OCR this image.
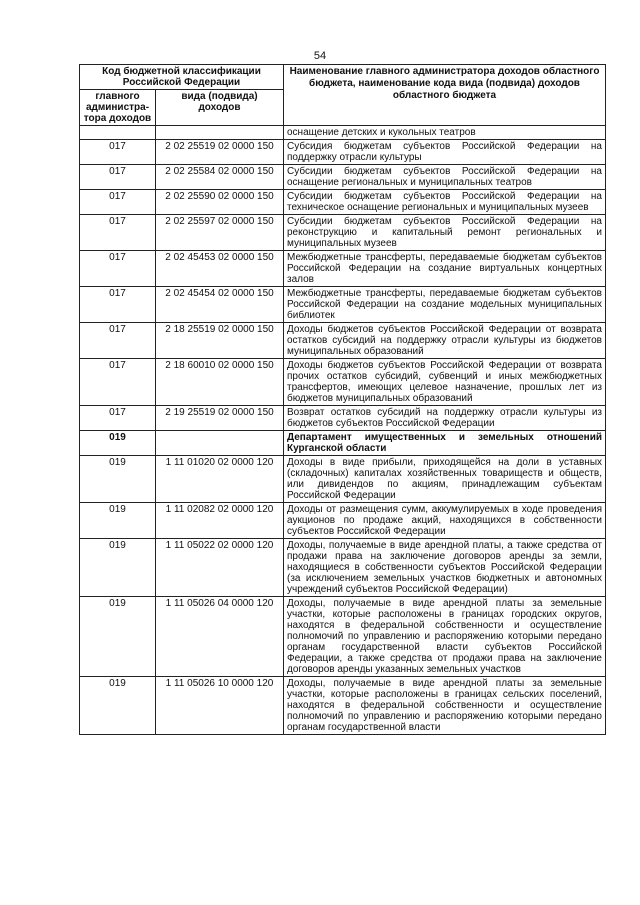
54
Код бюджетной классификации Российской Федерации		Наименование главного администратора доходов областного бюджета, наименование кода вида (подвида) доходов областного бюджета
главного администра-тора доходов	вида (подвида) доходов	
		оснащение детских и кукольных театров
017	2 02 25519 02 0000 150	Субсидия бюджетам субъектов Российской Федерации на поддержку отрасли культуры
017	2 02 25584 02 0000 150	Субсидии бюджетам субъектов Российской Федерации на оснащение региональных и муниципальных театров
017	2 02 25590 02 0000 150	Субсидии бюджетам субъектов Российской Федерации на техническое оснащение региональных и муниципальных музеев
017	2 02 25597 02 0000 150	Субсидии бюджетам субъектов Российской Федерации на реконструкцию и капитальный ремонт региональных и муниципальных музеев
017	2 02 45453 02 0000 150	Межбюджетные трансферты, передаваемые бюджетам субъектов Российской Федерации на создание виртуальных концертных залов
017	2 02 45454 02 0000 150	Межбюджетные трансферты, передаваемые бюджетам субъектов Российской Федерации на создание модельных муниципальных библиотек
017	2 18 25519 02 0000 150	Доходы бюджетов субъектов Российской Федерации от возврата остатков субсидий на поддержку отрасли культуры из бюджетов муниципальных образований
017	2 18 60010 02 0000 150	Доходы бюджетов субъектов Российской Федерации от возврата прочих остатков субсидий, субвенций и иных межбюджетных трансфертов, имеющих целевое назначение, прошлых лет из бюджетов муниципальных образований
017	2 19 25519 02 0000 150	Возврат остатков субсидий на поддержку отрасли культуры из бюджетов субъектов Российской Федерации
019		Департамент имущественных и земельных отношений Курганской области
019	1 11 01020 02 0000 120	Доходы в виде прибыли, приходящейся на доли в уставных (складочных) капиталах хозяйственных товариществ и обществ, или дивидендов по акциям, принадлежащим субъектам Российской Федерации
019	1 11 02082 02 0000 120	Доходы от размещения сумм, аккумулируемых в ходе проведения аукционов по продаже акций, находящихся в собственности субъектов Российской Федерации
019	1 11 05022 02 0000 120	Доходы, получаемые в виде арендной платы, а также средства от продажи права на заключение договоров аренды за земли, находящиеся в собственности субъектов Российской Федерации (за исключением земельных участков бюджетных и автономных учреждений субъектов Российской Федерации)
019	1 11 05026 04 0000 120	Доходы, получаемые в виде арендной платы за земельные участки, которые расположены в границах городских округов, находятся в федеральной собственности и осуществление полномочий по управлению и распоряжению которыми передано органам государственной власти субъектов Российской Федерации, а также средства от продажи права на заключение договоров аренды указанных земельных участков
019	1 11 05026 10 0000 120	Доходы, получаемые в виде арендной платы за земельные участки, которые расположены в границах сельских поселений, находятся в федеральной собственности и осуществление полномочий по управлению и распоряжению которыми передано органам государственной власти
